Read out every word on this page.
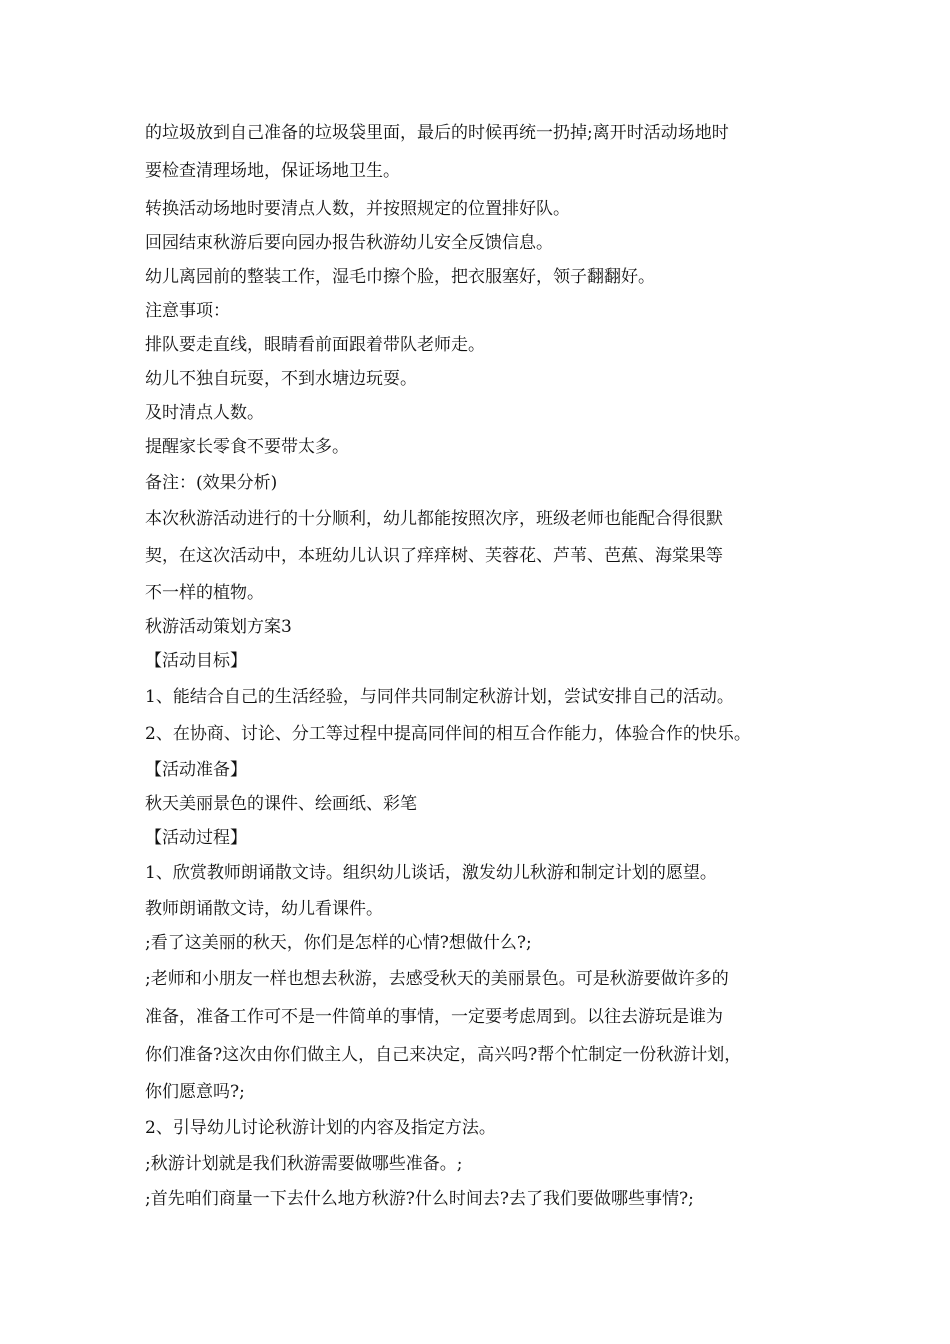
的垃圾放到自己准备的垃圾袋里面，最后的时候再统一扔掉;离开时活动场地时

要检查清理场地，保证场地卫生。

转换活动场地时要清点人数，并按照规定的位置排好队。

回园结束秋游后要向园办报告秋游幼儿安全反馈信息。

幼儿离园前的整装工作，湿毛巾擦个脸，把衣服塞好，领子翻翻好。

注意事项：

排队要走直线，眼睛看前面跟着带队老师走。

幼儿不独自玩耍，不到水塘边玩耍。

及时清点人数。

提醒家长零食不要带太多。

备注：(效果分析)

本次秋游活动进行的十分顺利，幼儿都能按照次序，班级老师也能配合得很默

契，在这次活动中，本班幼儿认识了痒痒树、芙蓉花、芦苇、芭蕉、海棠果等

不一样的植物。

秋游活动策划方案3

【活动目标】

1、能结合自己的生活经验，与同伴共同制定秋游计划，尝试安排自己的活动。

2、在协商、讨论、分工等过程中提高同伴间的相互合作能力，体验合作的快乐。

【活动准备】

秋天美丽景色的课件、绘画纸、彩笔

【活动过程】

1、欣赏教师朗诵散文诗。组织幼儿谈话，激发幼儿秋游和制定计划的愿望。

教师朗诵散文诗，幼儿看课件。

;看了这美丽的秋天，你们是怎样的心情?想做什么?;

;老师和小朋友一样也想去秋游，去感受秋天的美丽景色。可是秋游要做许多的

准备，准备工作可不是一件简单的事情，一定要考虑周到。以往去游玩是谁为

你们准备?这次由你们做主人，自己来决定，高兴吗?帮个忙制定一份秋游计划，

你们愿意吗?;

2、引导幼儿讨论秋游计划的内容及指定方法。

;秋游计划就是我们秋游需要做哪些准备。;

;首先咱们商量一下去什么地方秋游?什么时间去?去了我们要做哪些事情?;
